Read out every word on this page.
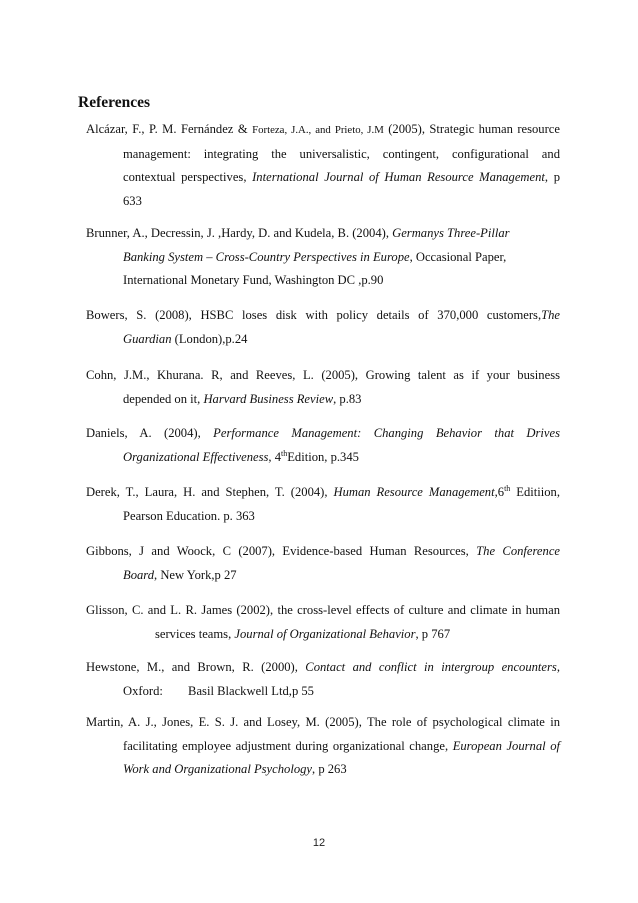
References
Alcázar, F., P. M. Fernández & Forteza, J.A., and Prieto, J.M (2005), Strategic human resource
management: integrating the universalistic, contingent, configurational and
contextual perspectives, International Journal of Human Resource Management, p
633
Brunner, A., Decressin, J. ,Hardy, D. and Kudela, B. (2004), Germanys Three-Pillar
Banking System – Cross-Country Perspectives in Europe, Occasional Paper,
International Monetary Fund, Washington DC ,p.90
Bowers, S. (2008), HSBC loses disk with policy details of 370,000 customers,The
Guardian (London),p.24
Cohn, J.M., Khurana. R, and Reeves, L. (2005), Growing talent as if your business
depended on it, Harvard Business Review, p.83
Daniels, A. (2004), Performance Management: Changing Behavior that Drives
Organizational Effectiveness, 4thEdition, p.345
Derek, T., Laura, H. and Stephen, T. (2004), Human Resource Management,6th Editiion,
Pearson Education. p. 363
Gibbons, J and Woock, C (2007), Evidence-based Human Resources, The Conference
Board, New York,p 27
Glisson, C. and L. R. James (2002), the cross-level effects of culture and climate in human
services teams, Journal of Organizational Behavior, p 767
Hewstone, M., and Brown, R. (2000), Contact and conflict in intergroup encounters,
Oxford:        Basil Blackwell Ltd,p 55
Martin, A. J., Jones, E. S. J. and Losey, M. (2005), The role of psychological climate in
facilitating employee adjustment during organizational change, European Journal of
Work and Organizational Psychology, p 263
12
